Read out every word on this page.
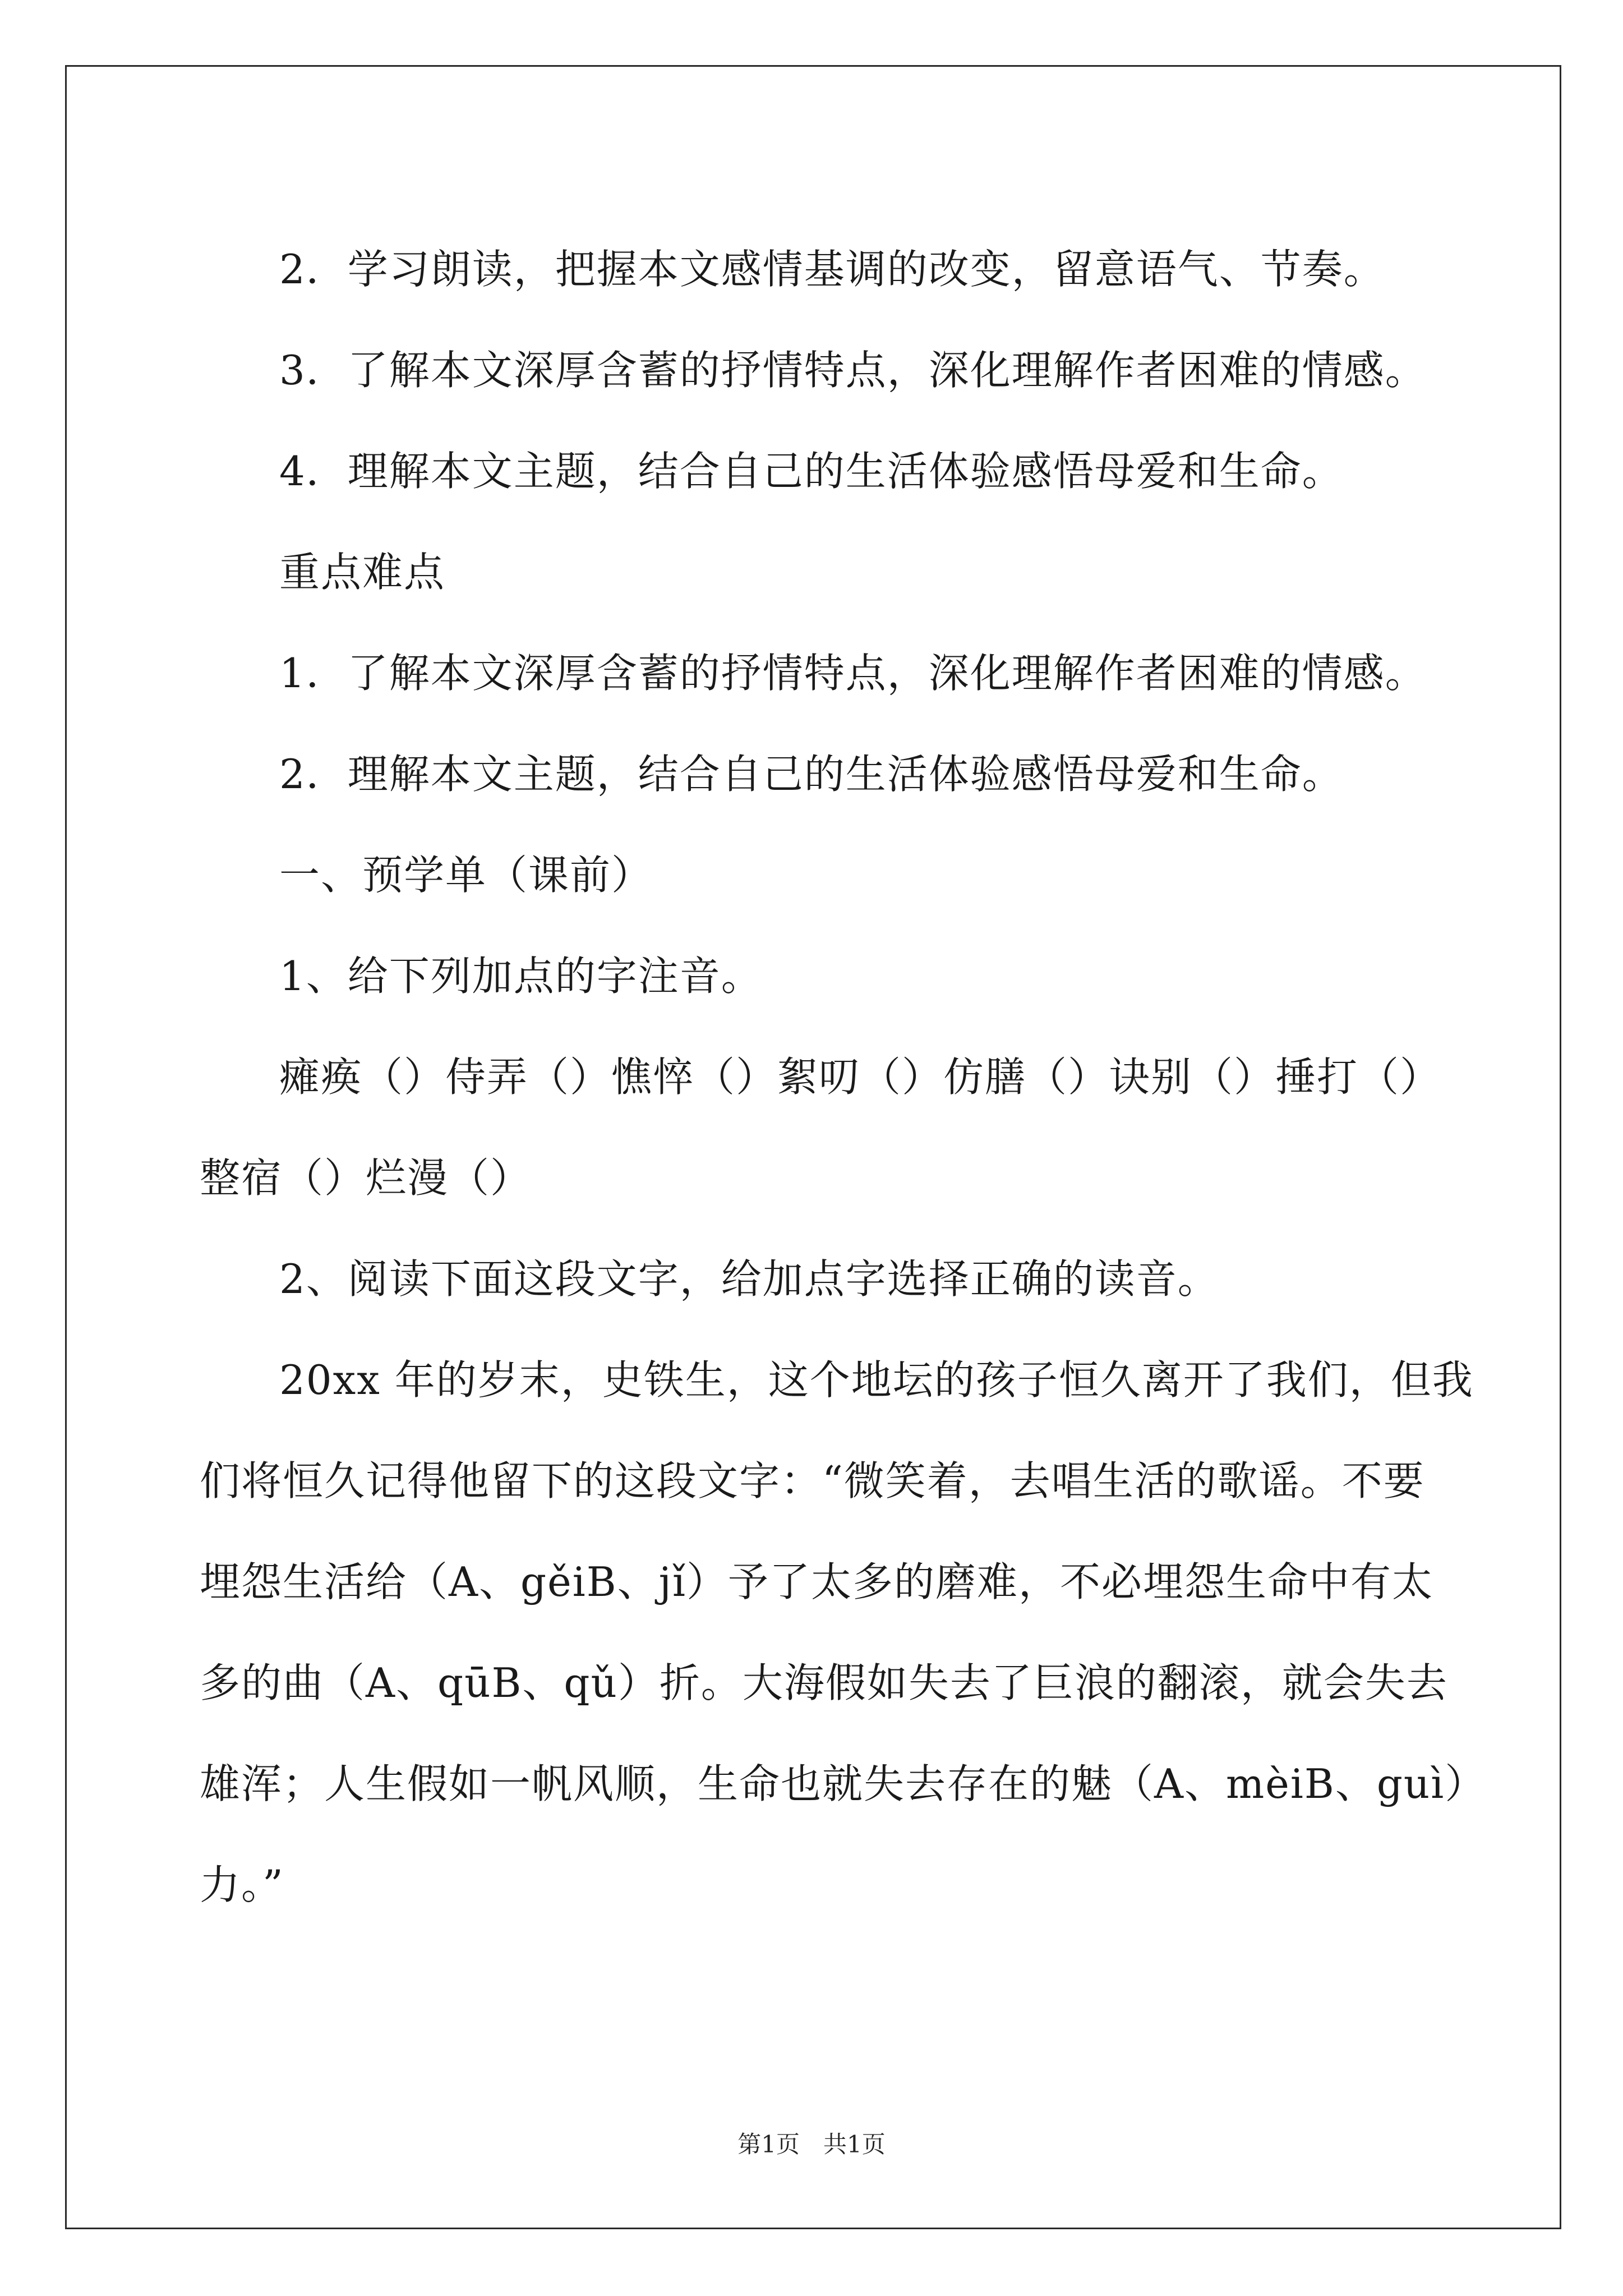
2．学习朗读，把握本文感情基调的改变，留意语气、节奏。

3．了解本文深厚含蓄的抒情特点，深化理解作者困难的情感。

4．理解本文主题，结合自己的生活体验感悟母爱和生命。

重点难点

1．了解本文深厚含蓄的抒情特点，深化理解作者困难的情感。

2．理解本文主题，结合自己的生活体验感悟母爱和生命。

一、预学单（课前）

1、给下列加点的字注音。

瘫痪（）侍弄（）憔悴（）絮叨（）仿膳（）诀别（）捶打（）

整宿（）烂漫（）

2、阅读下面这段文字，给加点字选择正确的读音。

20xx 年的岁末，史铁生，这个地坛的孩子恒久离开了我们，但我

们将恒久记得他留下的这段文字：“微笑着，去唱生活的歌谣。不要

埋怨生活给（A、gěiB、jǐ）予了太多的磨难，不必埋怨生命中有太

多的曲（A、qūB、qǔ）折。大海假如失去了巨浪的翻滚，就会失去

雄浑；人生假如一帆风顺，生命也就失去存在的魅（A、mèiB、guì）

力。”

第1页　共1页
